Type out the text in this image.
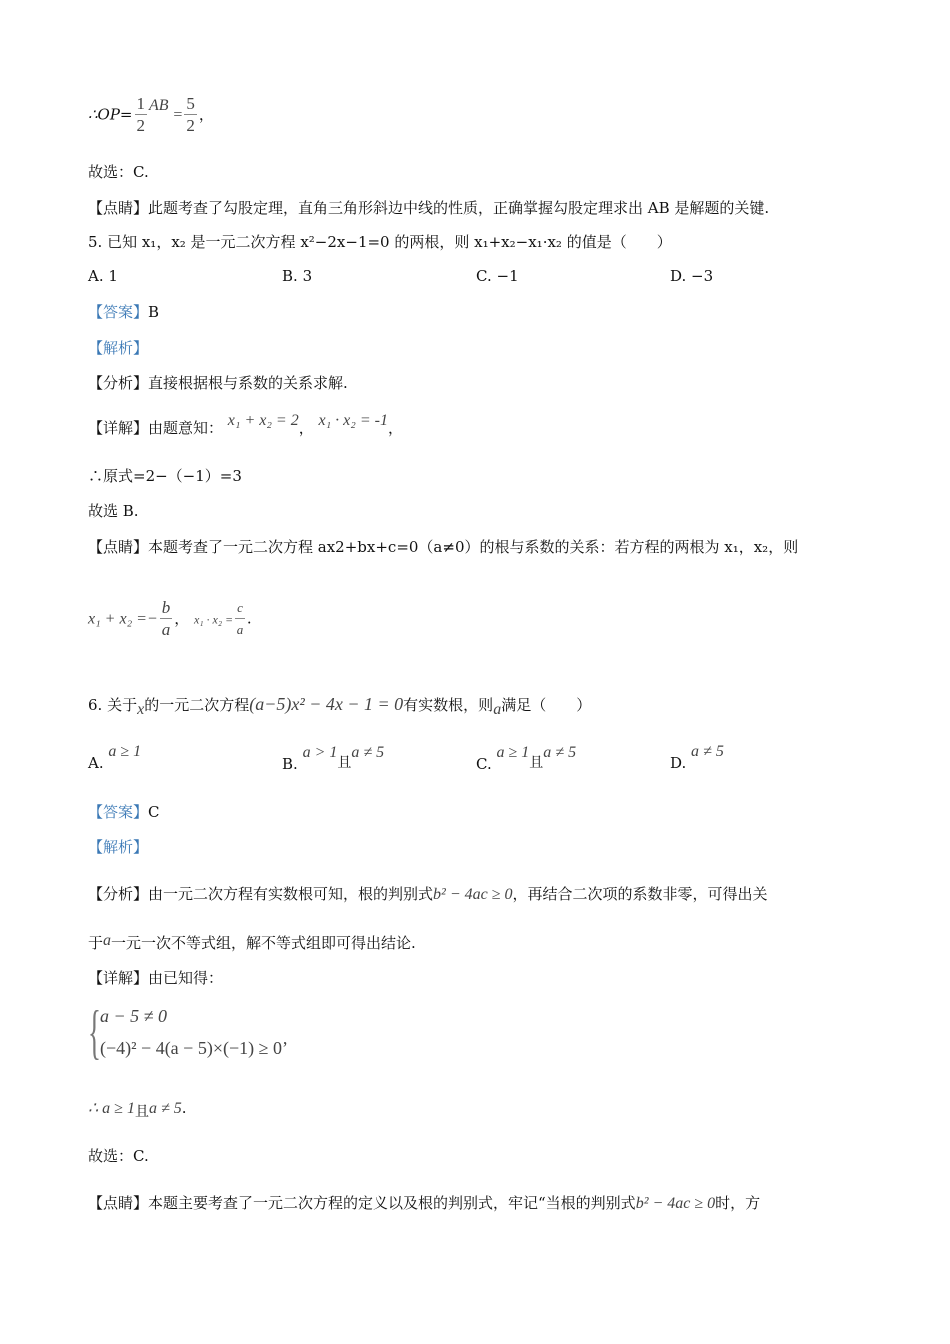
∴OP= $\frac{1}{2}$ AB = $\frac{5}{2}$ ，
故选：C.
【点睛】此题考查了勾股定理，直角三角形斜边中线的性质，正确掌握勾股定理求出 AB 是解题的关键.
5. 已知 x₁，x₂ 是一元二次方程 x²−2x−1=0 的两根，则 x₁+x₂−x₁·x₂ 的值是（　　）
A. 1	B. 3	C. −1	D. −3
【答案】B
【解析】
【分析】直接根据根与系数的关系求解.
【详解】由题意知： x₁ + x₂ = 2， x₁ · x₂ = -1，
∴原式=2−（−1）=3
故选 B.
【点睛】本题考查了一元二次方程 ax2+bx+c=0（a≠0）的根与系数的关系：若方程的两根为 x₁，x₂，则
$x_1 + x_2 =- \frac{b}{a}$ ， $x_1 \cdot x_2 = \frac{c}{a}$ .
6. 关于x的一元二次方程(a−5)x² − 4x − 1 = 0有实数根，则a满足（　　）
A. a ≥ 1
B. a > 1且a ≠ 5
C. a ≥ 1且a ≠ 5
D. a ≠ 5
【答案】C
【解析】
【分析】由一元二次方程有实数根可知，根的判别式b² − 4ac ≥ 0，再结合二次项的系数非零，可得出关
于a一元一次不等式组，解不等式组即可得出结论.
【详解】由已知得：
{ a − 5 ≠ 0
(−4)² − 4(a − 5)×(−1) ≥ 0’
∴ a ≥ 1且a ≠ 5.
故选：C.
【点睛】本题主要考查了一元二次方程的定义以及根的判别式，牢记“当根的判别式b² − 4ac ≥ 0时，方
